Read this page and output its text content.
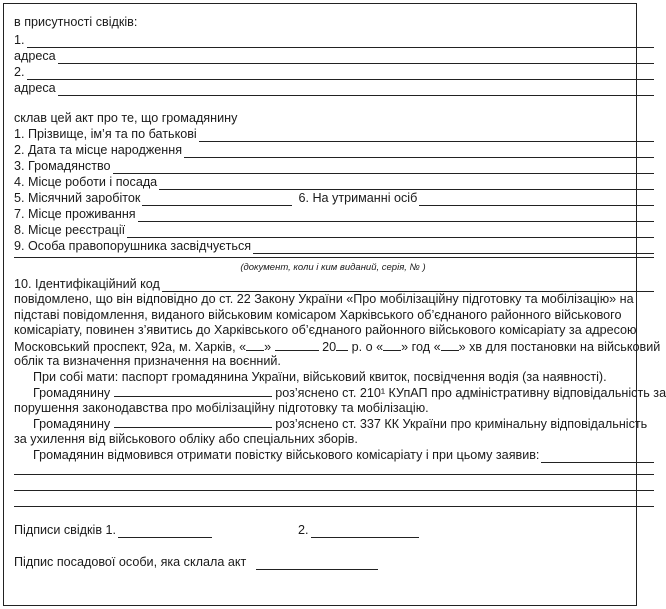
в присутності свідків:
1.
адреса
2.
адреса
склав цей акт про те, що громадянину
1. Прізвище, ім’я та по батькові
2. Дата та місце народження
3. Громадянство
4. Місце роботи і посада
5. Місячний заробіток	6. На утриманні осіб
7. Місце проживання
8. Місце реєстрації
9. Особа правопорушника засвідчується
(документ, коли і ким виданий, серія, № )
10. Ідентифікаційний код
повідомлено, що він відповідно до ст. 22 Закону України «Про мобілізаційну підготовку та мобілізацію» на
підставі повідомлення, виданого військовим комісаром Харківського об’єднаного районного військового
комісаріату, повинен з’явитись до Харківського об’єднаного районного військового комісаріату за адресою
Московський проспект, 92а, м. Харків, « »	20 р. о « » год « » хв для постановки на військовий
облік та визначення призначення на воєнний.
При собі мати: паспорт громадянина України, військовий квиток, посвідчення водія (за наявності).
Громадянину	роз’яснено ст. 210¹ КУпАП про адміністративну відповідальність за
порушення законодавства про мобілізаційну підготовку та мобілізацію.
Громадянину	роз’яснено ст. 337 КК України про кримінальну відповідальність
за ухилення від військового обліку або спеціальних зборів.
Громадянин відмовився отримати повістку військового комісаріату і при цьому заявив:
Підписи свідків 1.	2.
Підпис посадової особи, яка склала акт
